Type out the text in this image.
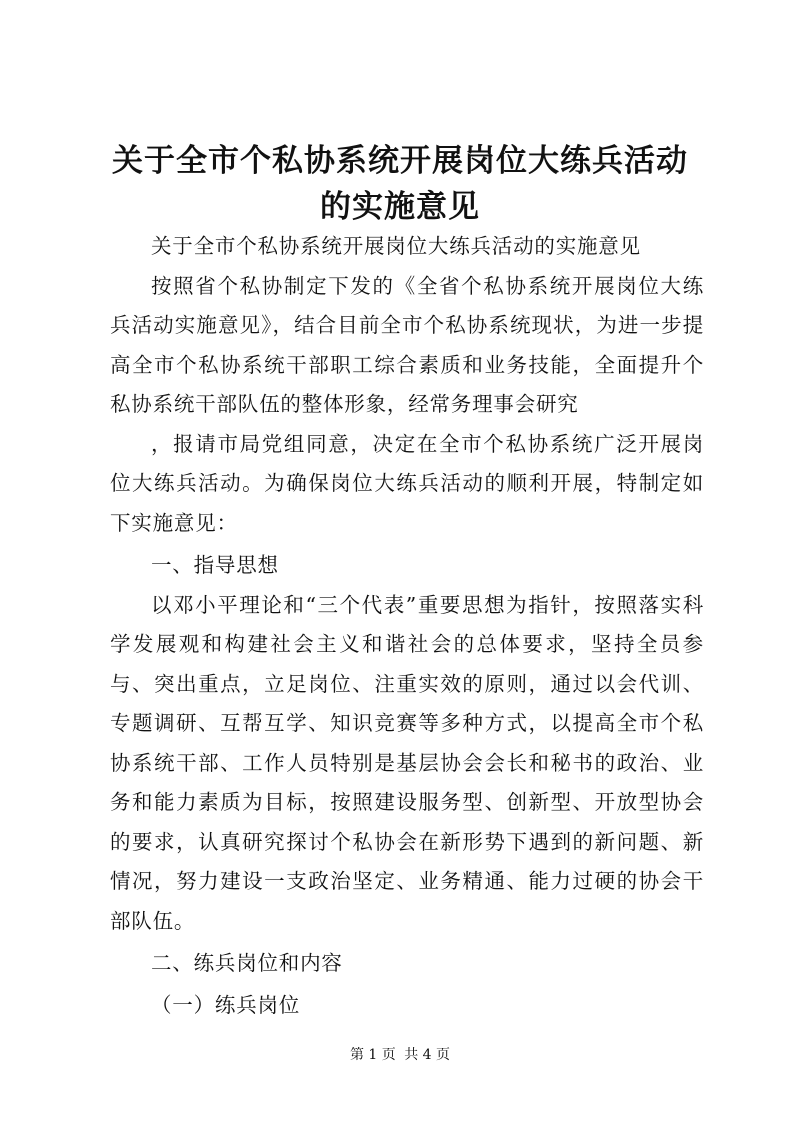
关于全市个私协系统开展岗位大练兵活动的实施意见

关于全市个私协系统开展岗位大练兵活动的实施意见

按照省个私协制定下发的《全省个私协系统开展岗位大练兵活动实施意见》，结合目前全市个私协系统现状，为进一步提高全市个私协系统干部职工综合素质和业务技能，全面提升个私协系统干部队伍的整体形象，经常务理事会研究

，报请市局党组同意，决定在全市个私协系统广泛开展岗位大练兵活动。为确保岗位大练兵活动的顺利开展，特制定如下实施意见：

一、指导思想

以邓小平理论和“三个代表”重要思想为指针，按照落实科学发展观和构建社会主义和谐社会的总体要求，坚持全员参与、突出重点，立足岗位、注重实效的原则，通过以会代训、专题调研、互帮互学、知识竞赛等多种方式，以提高全市个私协系统干部、工作人员特别是基层协会会长和秘书的政治、业务和能力素质为目标，按照建设服务型、创新型、开放型协会的要求，认真研究探讨个私协会在新形势下遇到的新问题、新情况，努力建设一支政治坚定、业务精通、能力过硬的协会干部队伍。

二、练兵岗位和内容

（一）练兵岗位

第 1 页 共 4 页
